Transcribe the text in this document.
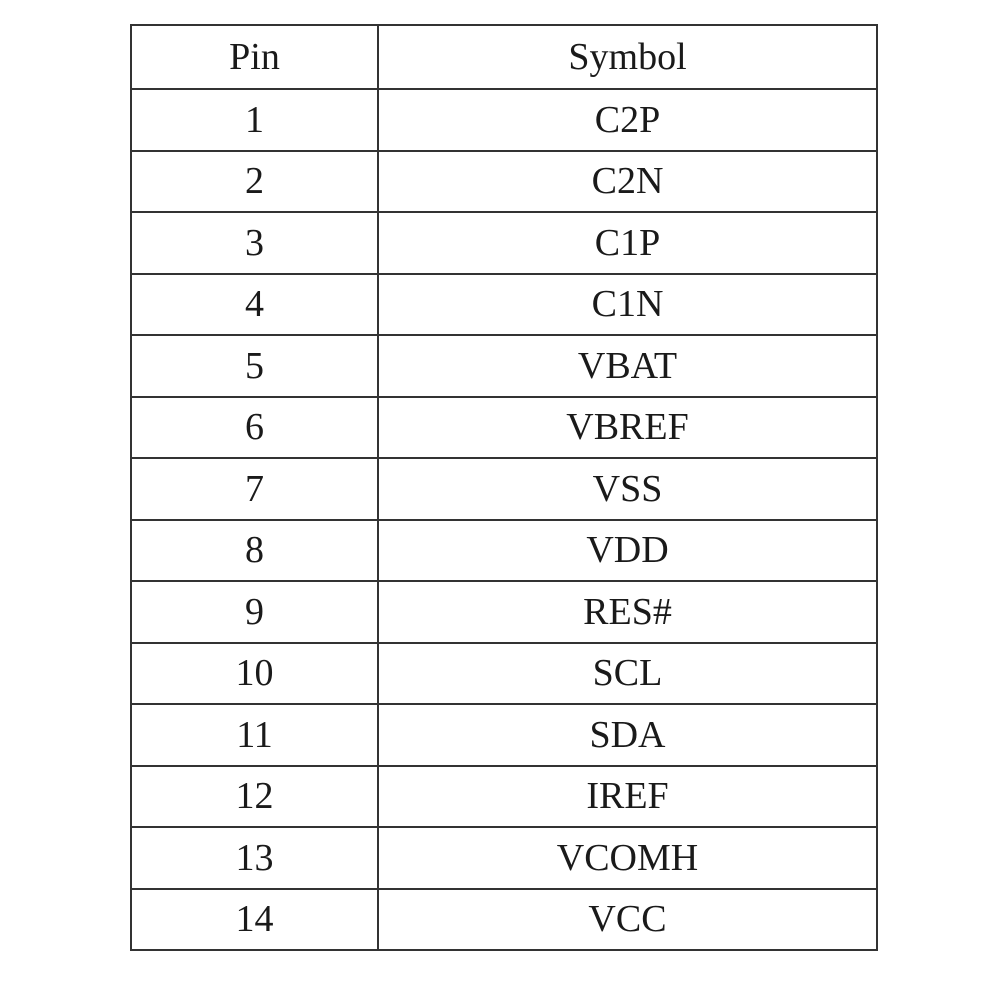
Pin	Symbol
1	C2P
2	C2N
3	C1P
4	C1N
5	VBAT
6	VBREF
7	VSS
8	VDD
9	RES#
10	SCL
11	SDA
12	IREF
13	VCOMH
14	VCC
